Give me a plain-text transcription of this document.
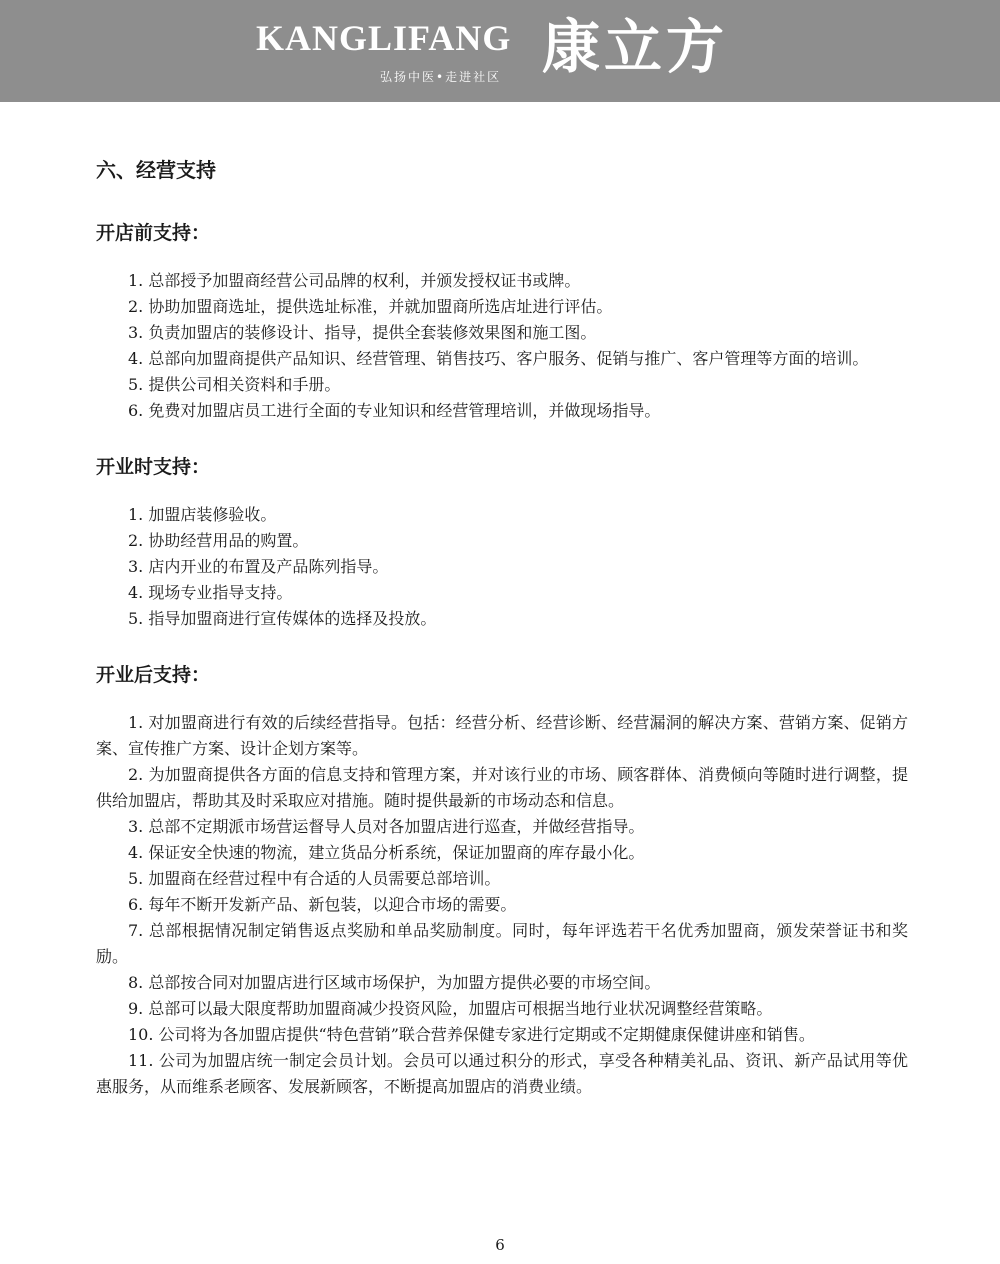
KANGLIFANG
弘扬中医•走进社区 康立方
六、经营支持
开店前支持：
1. 总部授予加盟商经营公司品牌的权利，并颁发授权证书或牌。
2. 协助加盟商选址，提供选址标准，并就加盟商所选店址进行评估。
3. 负责加盟店的装修设计、指导，提供全套装修效果图和施工图。
4. 总部向加盟商提供产品知识、经营管理、销售技巧、客户服务、促销与推广、客户管理等方面的培训。
5. 提供公司相关资料和手册。
6. 免费对加盟店员工进行全面的专业知识和经营管理培训，并做现场指导。
开业时支持：
1. 加盟店装修验收。
2. 协助经营用品的购置。
3. 店内开业的布置及产品陈列指导。
4. 现场专业指导支持。
5. 指导加盟商进行宣传媒体的选择及投放。
开业后支持：
1. 对加盟商进行有效的后续经营指导。包括：经营分析、经营诊断、经营漏洞的解决方案、营销方案、促销方案、宣传推广方案、设计企划方案等。
2. 为加盟商提供各方面的信息支持和管理方案，并对该行业的市场、顾客群体、消费倾向等随时进行调整，提供给加盟店，帮助其及时采取应对措施。随时提供最新的市场动态和信息。
3. 总部不定期派市场营运督导人员对各加盟店进行巡查，并做经营指导。
4. 保证安全快速的物流，建立货品分析系统，保证加盟商的库存最小化。
5. 加盟商在经营过程中有合适的人员需要总部培训。
6. 每年不断开发新产品、新包装，以迎合市场的需要。
7. 总部根据情况制定销售返点奖励和单品奖励制度。同时，每年评选若干名优秀加盟商，颁发荣誉证书和奖励。
8. 总部按合同对加盟店进行区域市场保护，为加盟方提供必要的市场空间。
9. 总部可以最大限度帮助加盟商减少投资风险，加盟店可根据当地行业状况调整经营策略。
10. 公司将为各加盟店提供“特色营销”联合营养保健专家进行定期或不定期健康保健讲座和销售。
11. 公司为加盟店统一制定会员计划。会员可以通过积分的形式，享受各种精美礼品、资讯、新产品试用等优惠服务，从而维系老顾客、发展新顾客，不断提高加盟店的消费业绩。
6
